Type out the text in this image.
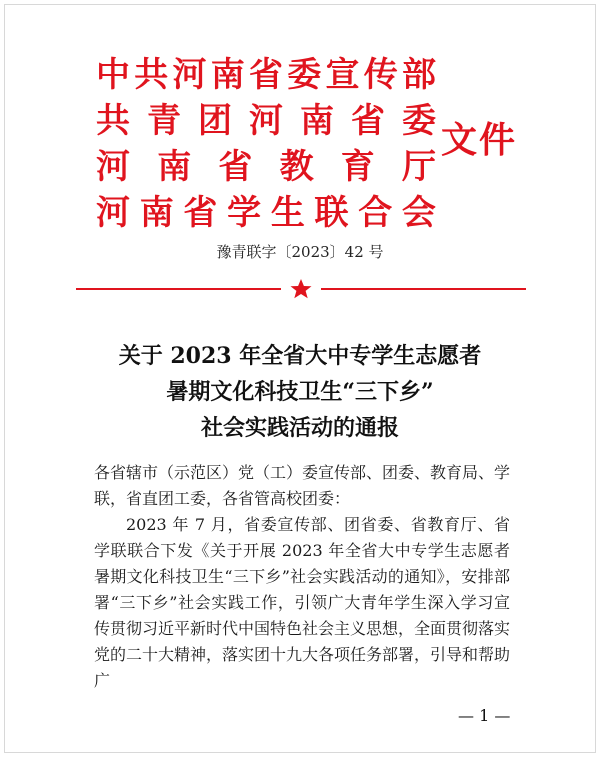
中 共 河 南 省 委 宣 传 部
共 青 团 河 南 省 委
河 南 省 教 育 厅
河 南 省 学 生 联 合 会
文件
豫青联字〔2023〕42 号
关于 2023 年全省大中专学生志愿者
暑期文化科技卫生“三下乡”
社会实践活动的通报

各省辖市（示范区）党（工）委宣传部、团委、教育局、学联，省直团工委，各省管高校团委：

2023 年 7 月，省委宣传部、团省委、省教育厅、省学联联合下发《关于开展 2023 年全省大中专学生志愿者暑期文化科技卫生“三下乡”社会实践活动的通知》，安排部署“三下乡”社会实践工作，引领广大青年学生深入学习宣传贯彻习近平新时代中国特色社会主义思想，全面贯彻落实党的二十大精神，落实团十九大各项任务部署，引导和帮助广

— 1 —
